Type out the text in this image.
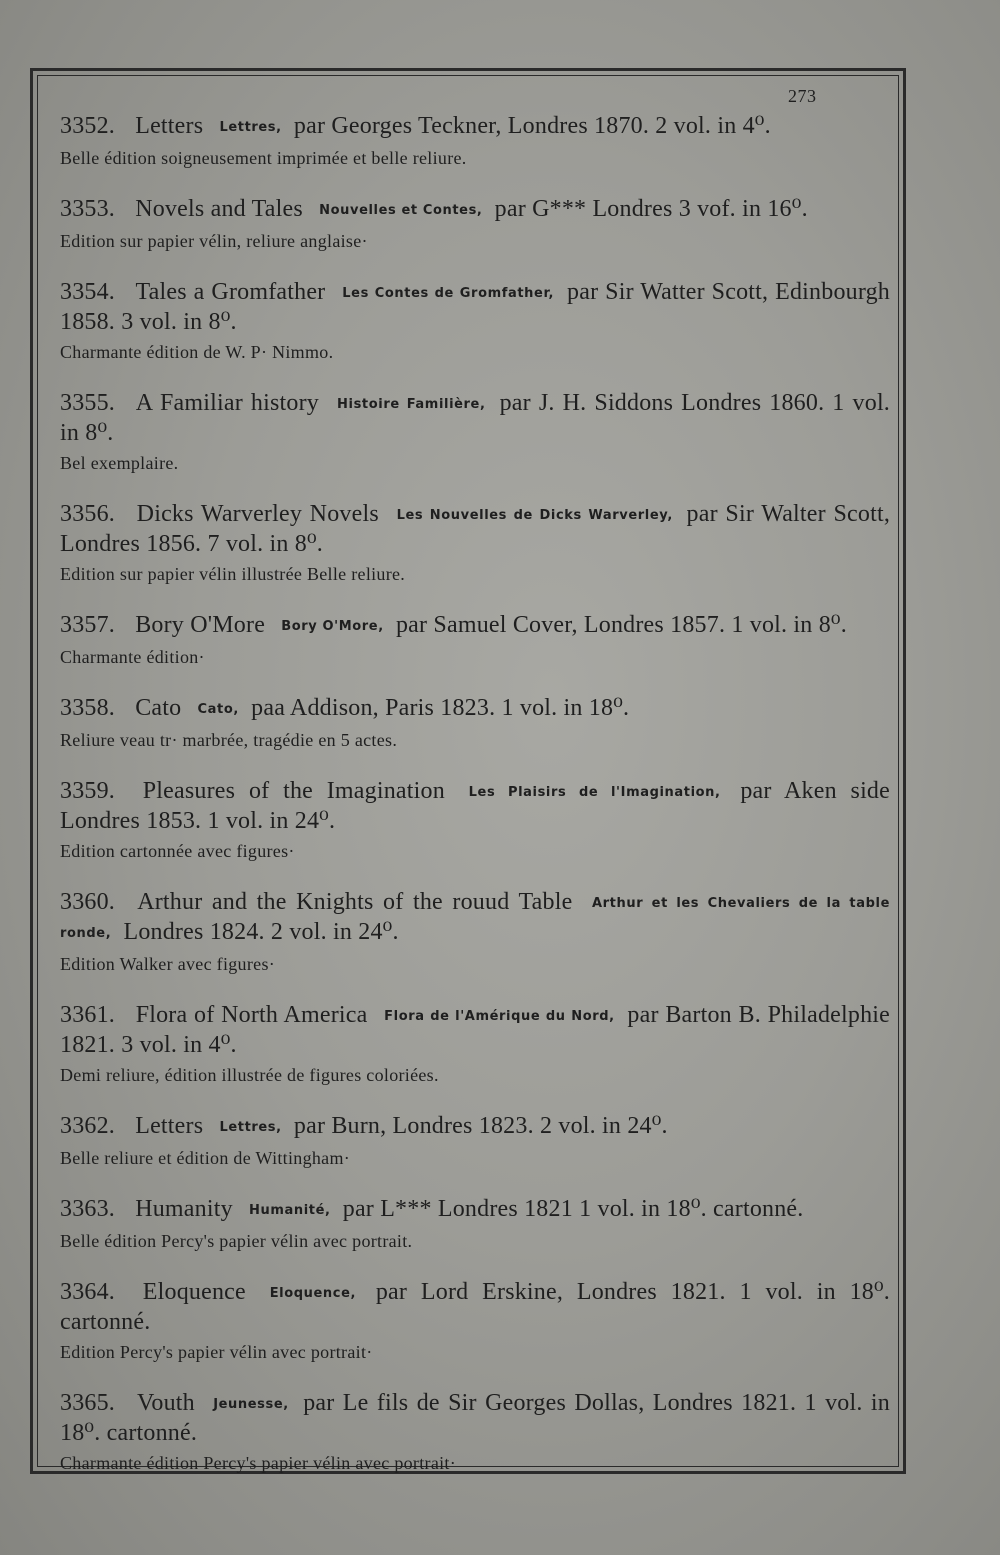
273
3352. Letters Lettres, par Georges Teckner, Londres 1870. 2 vol. in 4⁰.
Belle édition soigneusement imprimée et belle reliure.
3353. Novels and Tales Nouvelles et Contes, par G*** Londres 3 vof. in 16⁰.
Edition sur papier vélin, reliure anglaise·
3354. Tales a Gromfather Les Contes de Gromfather, par Sir Watter Scott, Edinbourgh 1858. 3 vol. in 8⁰.
Charmante édition de W. P· Nimmo.
3355. A Familiar history Histoire Familière, par J. H. Siddons Londres 1860. 1 vol. in 8⁰.
Bel exemplaire.
3356. Dicks Warverley Novels Les Nouvelles de Dicks Warverley, par Sir Walter Scott, Londres 1856. 7 vol. in 8⁰.
Edition sur papier vélin illustrée Belle reliure.
3357. Bory O'More Bory O'More, par Samuel Cover, Londres 1857. 1 vol. in 8⁰.
Charmante édition·
3358. Cato Cato, paa Addison, Paris 1823. 1 vol. in 18⁰.
Reliure veau tr· marbrée, tragédie en 5 actes.
3359. Pleasures of the Imagination Les Plaisirs de l'Imagination, par Aken side Londres 1853. 1 vol. in 24⁰.
Edition cartonnée avec figures·
3360. Arthur and the Knights of the rouud Table Arthur et les Chevaliers de la table ronde, Londres 1824. 2 vol. in 24⁰.
Edition Walker avec figures·
3361. Flora of North America Flora de l'Amérique du Nord, par Barton B. Philadelphie 1821. 3 vol. in 4⁰.
Demi reliure, édition illustrée de figures coloriées.
3362. Letters Lettres, par Burn, Londres 1823. 2 vol. in 24⁰.
Belle reliure et édition de Wittingham·
3363. Humanity Humanité, par L*** Londres 1821 1 vol. in 18⁰. cartonné.
Belle édition Percy's papier vélin avec portrait.
3364. Eloquence Eloquence, par Lord Erskine, Londres 1821. 1 vol. in 18⁰. cartonné.
Edition Percy's papier vélin avec portrait·
3365. Vouth Jeunesse, par Le fils de Sir Georges Dollas, Londres 1821. 1 vol. in 18⁰. cartonné.
Charmante édition Percy's papier vélin avec portrait·
